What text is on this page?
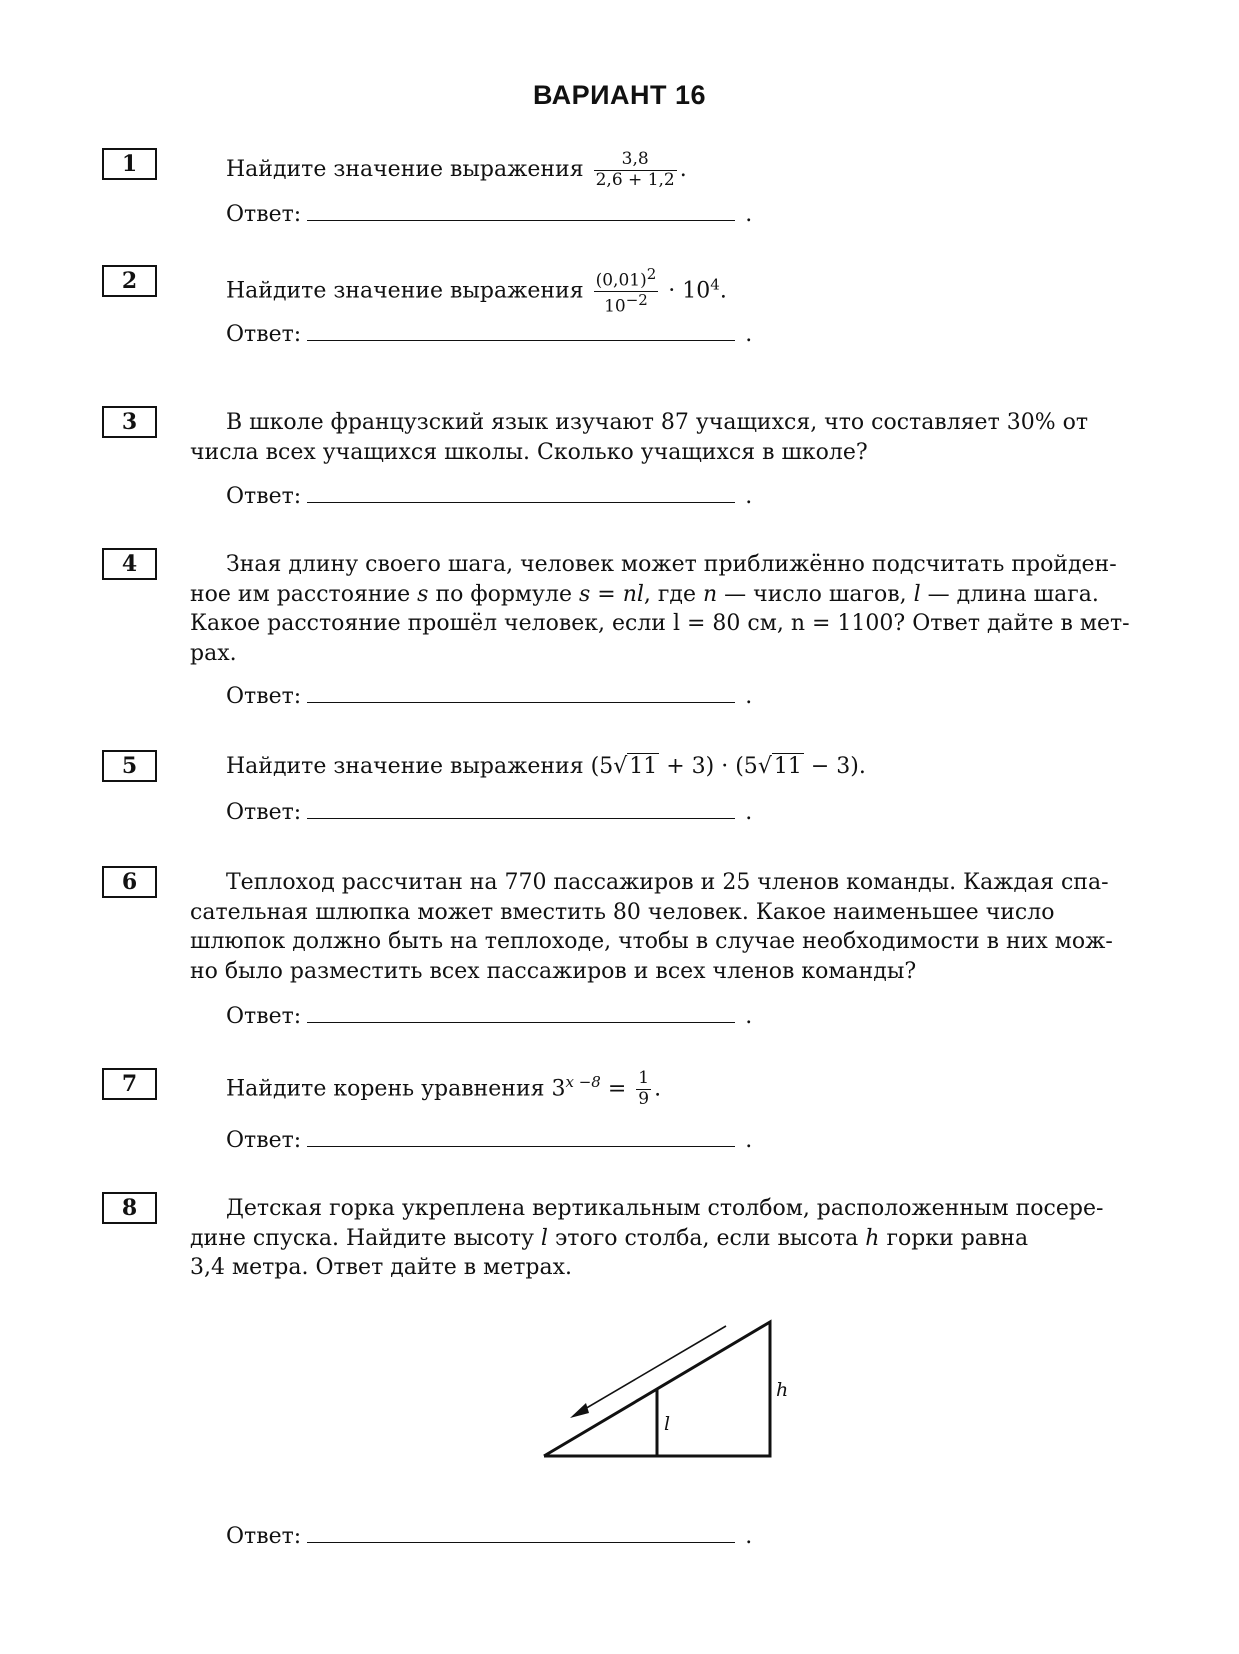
ВАРИАНТ 16
1	Найдите значение выражения $\frac{3,8}{2,6 + 1,2}$ .
Ответ:	.
2	Найдите значение выражения $\frac{(0,01)^2}{10^{-2}} \cdot 10^4$.
Ответ:	.
3	В школе французский язык изучают 87 учащихся, что составляет 30% от
числа всех учащихся школы. Сколько учащихся в школе?
Ответ:	.
4	Зная длину своего шага, человек может приближённо подсчитать пройден-
ное им расстояние s по формуле s = nl, где n — число шагов, l — длина шага.
Какое расстояние прошёл человек, если l = 80 см, n = 1100? Ответ дайте в мет-
рах.
Ответ:	.
5	Найдите значение выражения (5√11 + 3) · (5√11 − 3).
Ответ:	.
6	Теплоход рассчитан на 770 пассажиров и 25 членов команды. Каждая спа-
сательная шлюпка может вместить 80 человек. Какое наименьшее число
шлюпок должно быть на теплоходе, чтобы в случае необходимости в них мож-
но было разместить всех пассажиров и всех членов команды?
Ответ:	.
7	Найдите корень уравнения $3^{x -8} = \frac{1}{9}$ .
Ответ:	.
8	Детская горка укреплена вертикальным столбом, расположенным посере-
дине спуска. Найдите высоту l этого столба, если высота h горки равна
3,4 метра. Ответ дайте в метрах.
h
l
Ответ:	.
